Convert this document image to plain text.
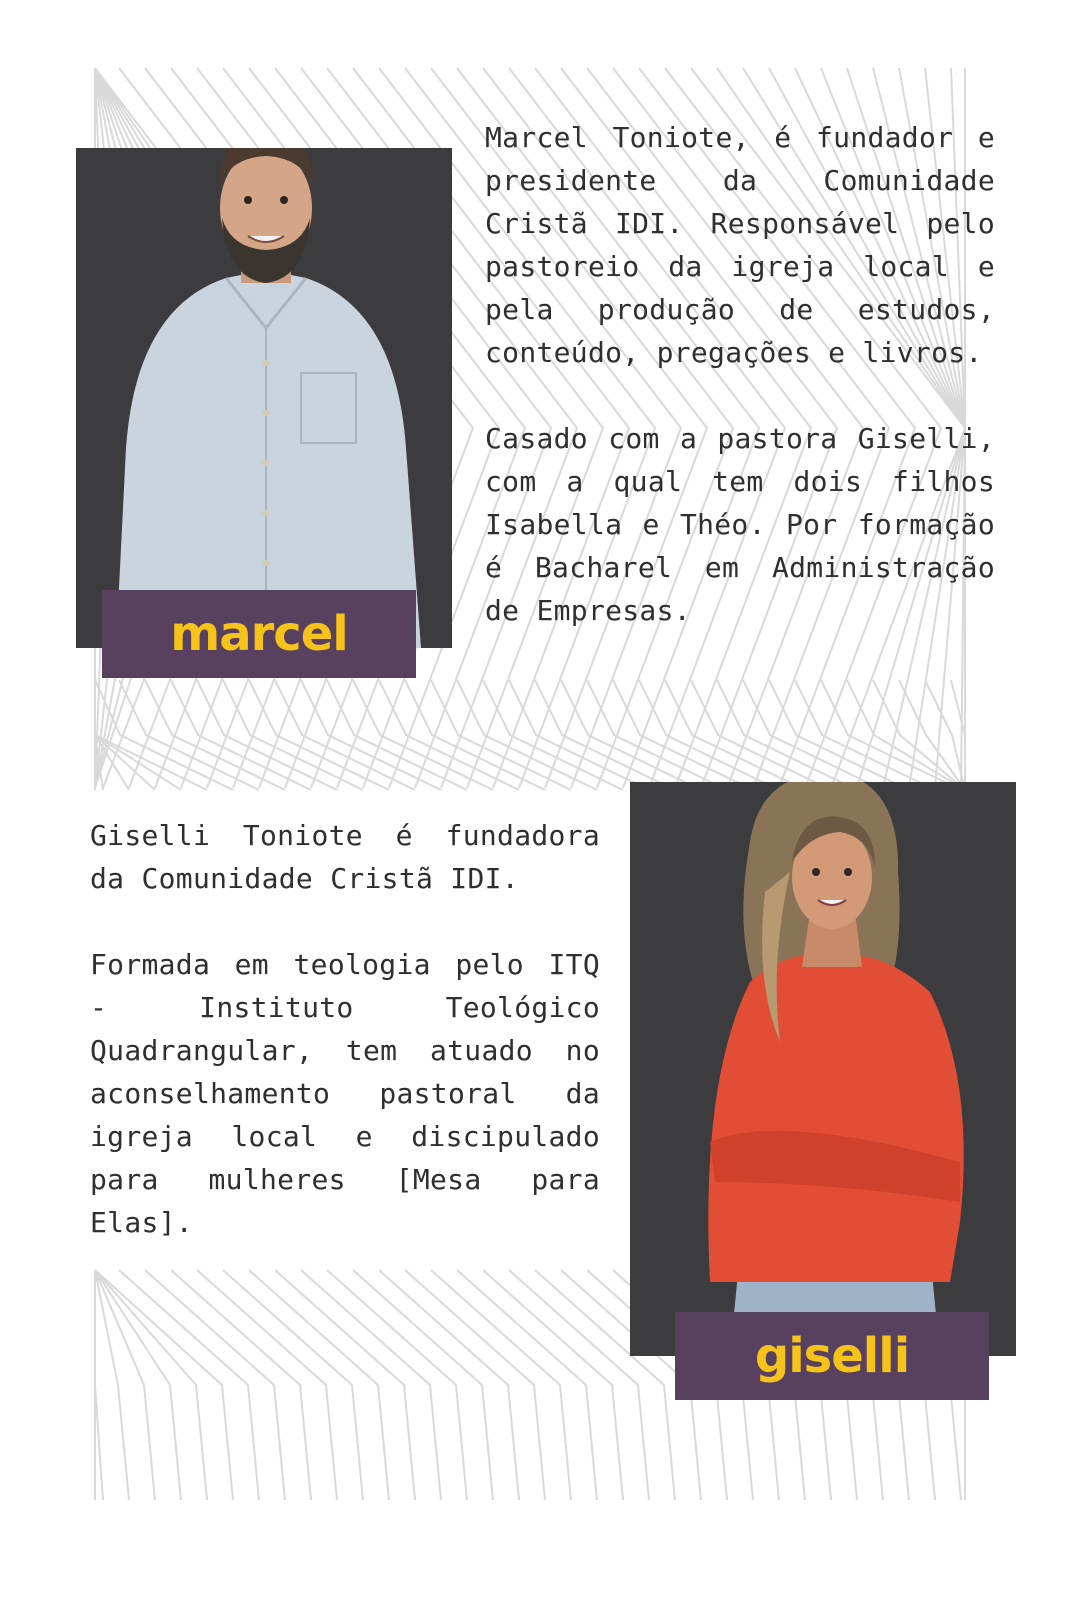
marcel

Marcel Toniote, é fundador e presidente da Comunidade Cristã IDI. Responsável pelo pastoreio da igreja local e pela produção de estudos, conteúdo, pregações e livros.

Casado com a pastora Giselli, com a qual tem dois filhos Isabella e Théo. Por formação é Bacharel em Administração de Empresas.

Giselli Toniote é fundadora da Comunidade Cristã IDI.

Formada em teologia pelo ITQ - Instituto Teológico Quadrangular, tem atuado no aconselhamento pastoral da igreja local e discipulado para mulheres [Mesa para Elas].

giselli
